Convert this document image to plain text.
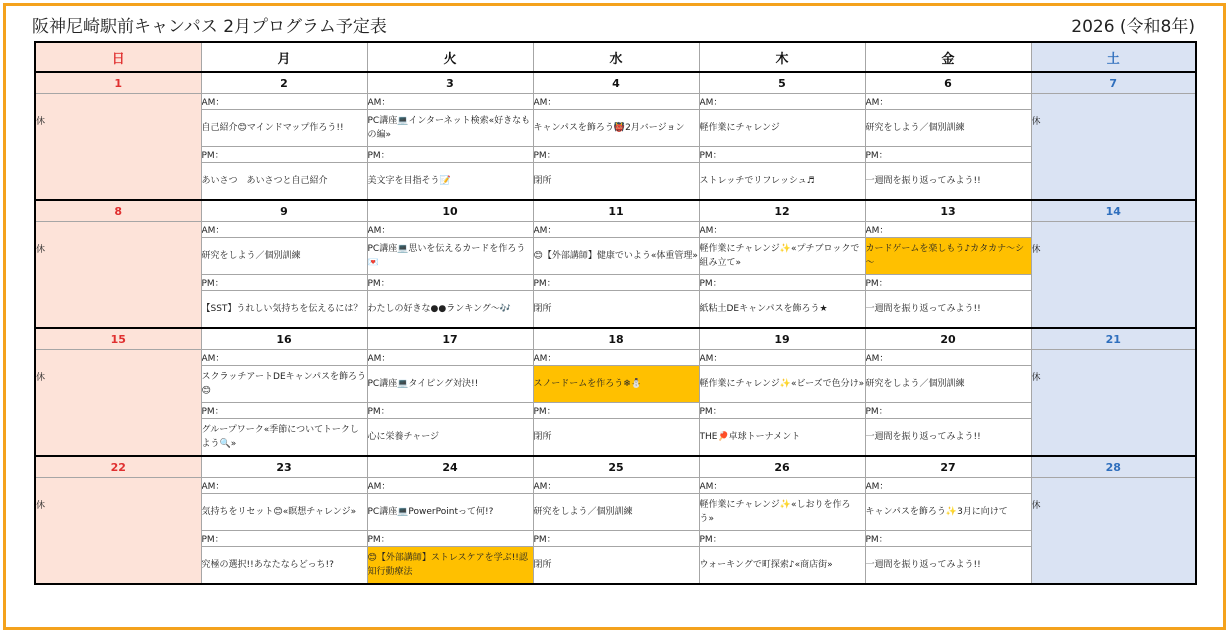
阪神尼崎駅前キャンパス 2月プログラム予定表	2026 (令和8年)
日	月	火	水	木	金	土
1	2	3	4	5	6	7

休	AM：	AM：	AM：	AM：	AM：	休

	自己紹介😊マインドマップ作ろう!!	PC講座💻インターネット検索«好きなもの編»	キャンパスを飾ろう👹2月バージョン	軽作業にチャレンジ	研究をしよう／個別訓練	
	PM：	PM：	PM：	PM：	PM：	
	あいさつ　あいさつと自己紹介	美文字を目指そう📝	閉所	ストレッチでリフレッシュ♬	一週間を振り返ってみよう!!	
8	9	10	11	12	13	14

休	AM：	AM：	AM：	AM：	AM：	休

	研究をしよう／個別訓練	PC講座💻思いを伝えるカードを作ろう💌	😊【外部講師】健康でいよう«体重管理»	軽作業にチャレンジ✨«プチブロックで組み立て»	カードゲームを楽しもう♪カタカナ～シ～	
	PM：	PM：	PM：	PM：	PM：	
	【SST】うれしい気持ちを伝えるには？	わたしの好きな●●ランキング～🎶	閉所	紙粘土DEキャンパスを飾ろう★	一週間を振り返ってみよう!!	
15	16	17	18	19	20	21

休	AM：	AM：	AM：	AM：	AM：	休

	スクラッチアートDEキャンパスを飾ろう😊	PC講座💻タイピング対決!!	スノードームを作ろう❄⛄	軽作業にチャレンジ✨«ビーズで色分け»	研究をしよう／個別訓練	
	PM：	PM：	PM：	PM：	PM：	
	グループワーク«季節についてトークしよう🔍»	心に栄養チャージ	閉所	THE🏓卓球トーナメント	一週間を振り返ってみよう!!	
22	23	24	25	26	27	28

休	AM：	AM：	AM：	AM：	AM：	休

	気持ちをリセット😊«瞑想チャレンジ»	PC講座💻PowerPointって何!?	研究をしよう／個別訓練	軽作業にチャレンジ✨«しおりを作ろう»	キャンパスを飾ろう✨3月に向けて	
	PM：	PM：	PM：	PM：	PM：	
	究極の選択!!あなたならどっち!?	😊【外部講師】ストレスケアを学ぶ!!認知行動療法	閉所	ウォーキングで町探索♪«商店街»	一週間を振り返ってみよう!!	
